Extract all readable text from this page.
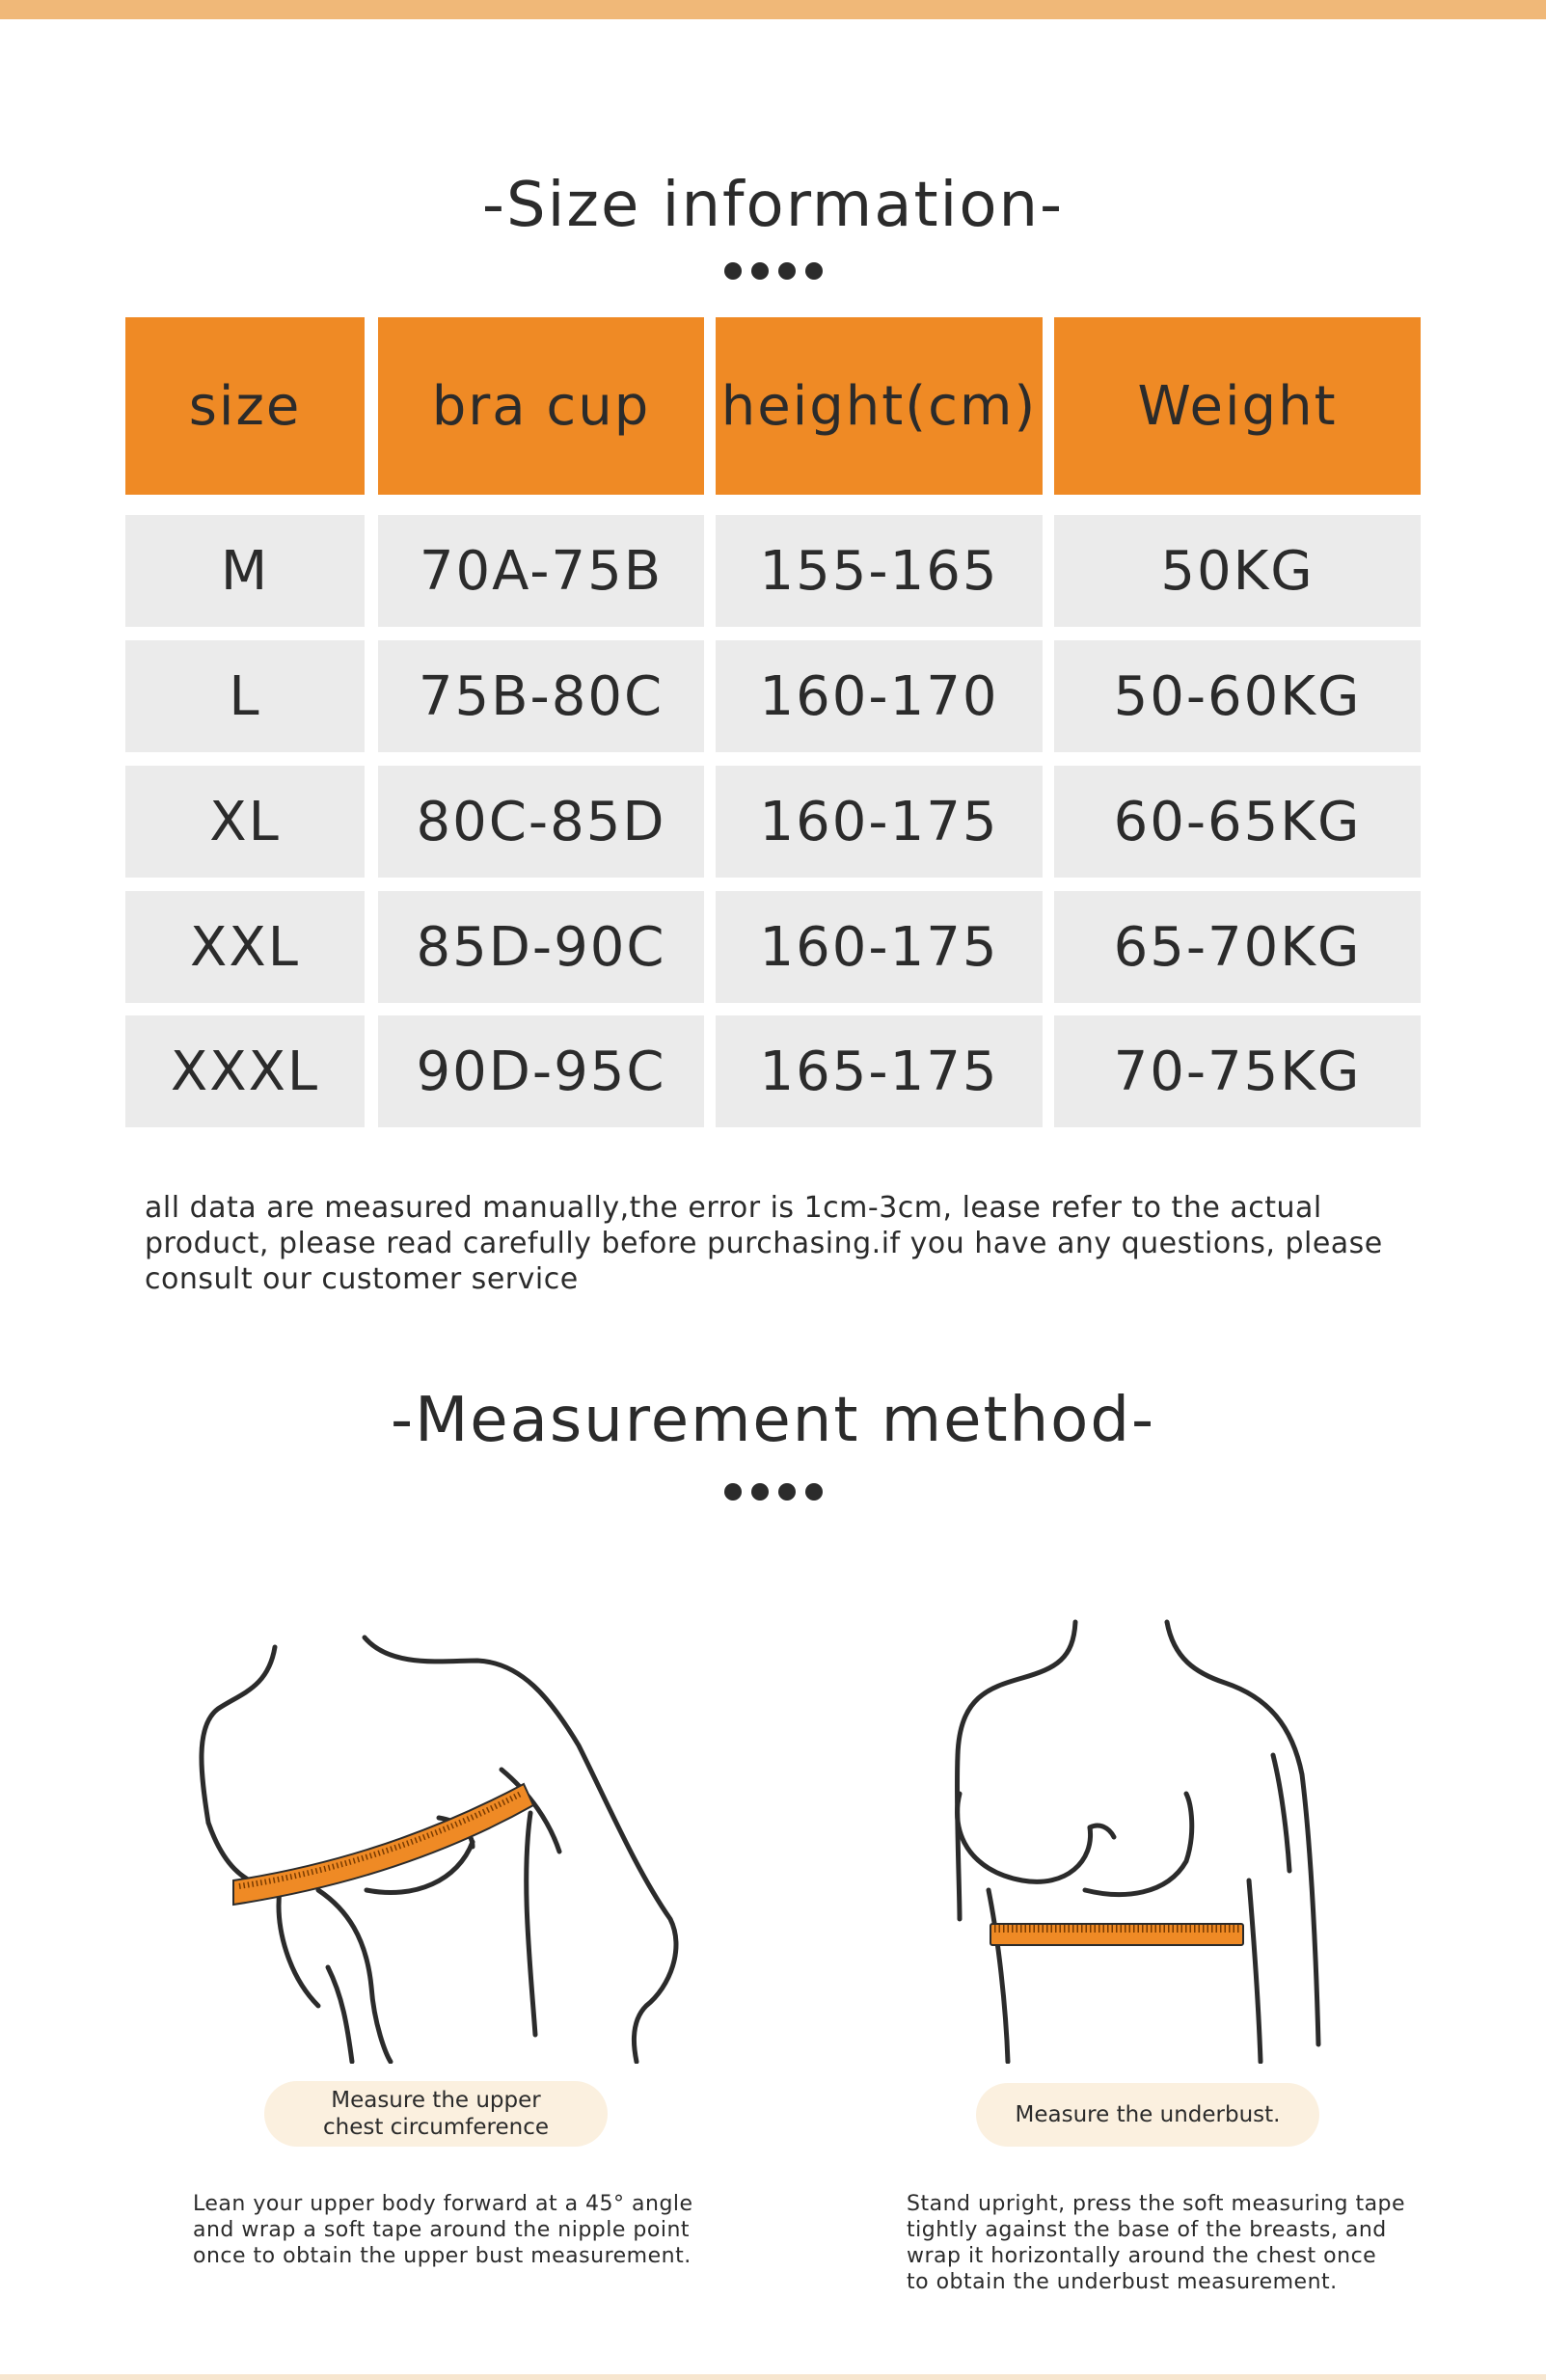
-Size information-
size	bra cup	height(cm)	Weight
M	70A-75B	155-165	50KG
L	75B-80C	160-170	50-60KG
XL	80C-85D	160-175	60-65KG
XXL	85D-90C	160-175	65-70KG
XXXL	90D-95C	165-175	70-75KG

all data are measured manually,the error is 1cm-3cm, lease refer to the actual product, please read carefully before purchasing.if you have any questions, please consult our customer service

-Measurement method-
Measure the upper
chest circumference	Measure the underbust.

Lean your upper body forward at a 45° angle
and wrap a soft tape around the nipple point
once to obtain the upper bust measurement.

Stand upright, press the soft measuring tape
tightly against the base of the breasts, and
wrap it horizontally around the chest once
to obtain the underbust measurement.
